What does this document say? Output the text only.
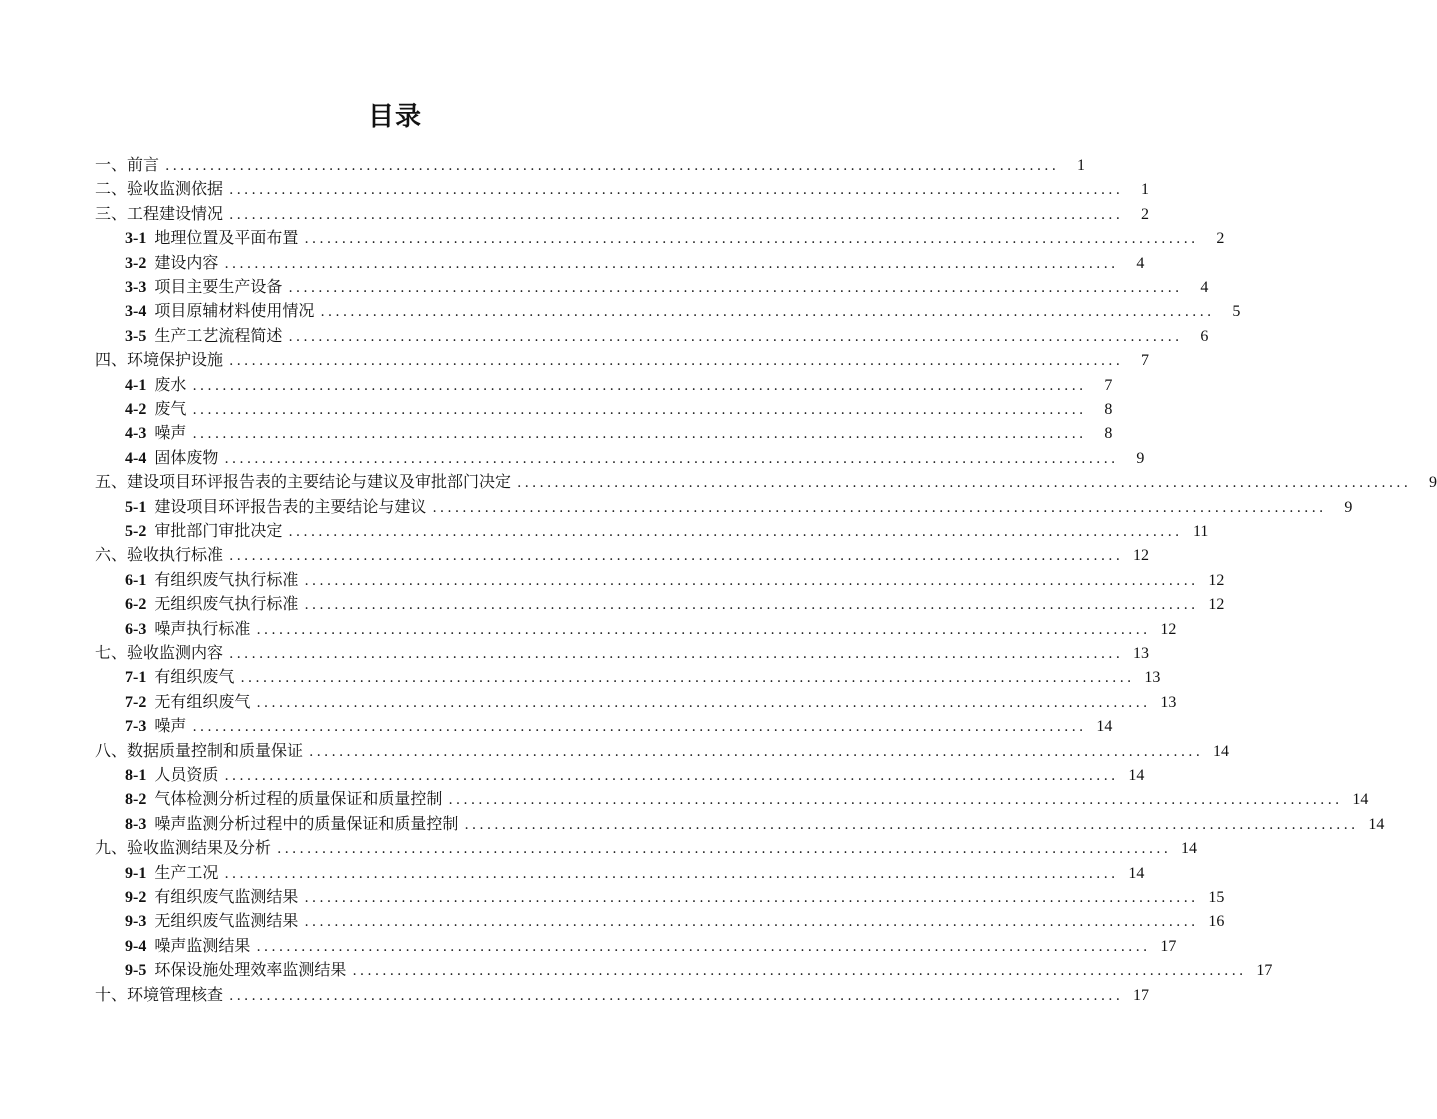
目录
一、前言 ........................................................................................................................	1
二、验收监测依据 ........................................................................................................................	1
三、工程建设情况 ........................................................................................................................	2
3-1 地理位置及平面布置 ........................................................................................................................	2
3-2 建设内容 ........................................................................................................................	4
3-3 项目主要生产设备 ........................................................................................................................	4
3-4 项目原辅材料使用情况 ........................................................................................................................	5
3-5 生产工艺流程简述 ........................................................................................................................	6
四、环境保护设施 ........................................................................................................................	7
4-1 废水 ........................................................................................................................	7
4-2 废气 ........................................................................................................................	8
4-3 噪声 ........................................................................................................................	8
4-4 固体废物 ........................................................................................................................	9
五、建设项目环评报告表的主要结论与建议及审批部门决定 ........................................................................................................................	9
5-1 建设项目环评报告表的主要结论与建议 ........................................................................................................................	9
5-2 审批部门审批决定 ........................................................................................................................ 11
六、验收执行标准 ........................................................................................................................ 12
6-1 有组织废气执行标准 ........................................................................................................................ 12
6-2 无组织废气执行标准 ........................................................................................................................ 12
6-3 噪声执行标准 ........................................................................................................................ 12
七、验收监测内容 ........................................................................................................................ 13
7-1 有组织废气 ........................................................................................................................ 13
7-2 无有组织废气 ........................................................................................................................ 13
7-3 噪声 ........................................................................................................................ 14
八、数据质量控制和质量保证 ........................................................................................................................ 14
8-1 人员资质 ........................................................................................................................ 14
8-2 气体检测分析过程的质量保证和质量控制 ........................................................................................................................ 14
8-3 噪声监测分析过程中的质量保证和质量控制 ........................................................................................................................ 14
九、验收监测结果及分析 ........................................................................................................................ 14
9-1 生产工况 ........................................................................................................................ 14
9-2 有组织废气监测结果 ........................................................................................................................ 15
9-3 无组织废气监测结果 ........................................................................................................................ 16
9-4 噪声监测结果 ........................................................................................................................ 17
9-5 环保设施处理效率监测结果 ........................................................................................................................ 17
十、环境管理核查 ........................................................................................................................ 17
